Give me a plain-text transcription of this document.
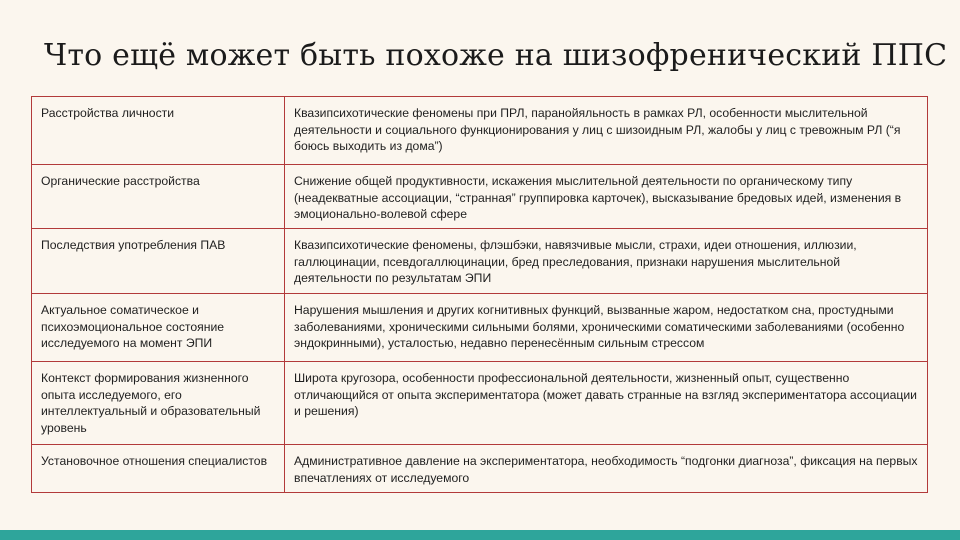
Что ещё может быть похоже на шизофренический ППС
Расстройства личности	Квазипсихотические феномены при ПРЛ, паранойяльность в рамках РЛ, особенности мыслительной деятельности и социального функционирования у лиц с шизоидным РЛ, жалобы у лиц с тревожным РЛ (“я боюсь выходить из дома”)
Органические расстройства	Снижение общей продуктивности, искажения мыслительной деятельности по органическому типу (неадекватные ассоциации, “странная” группировка карточек), высказывание бредовых идей, изменения в эмоционально-волевой сфере
Последствия употребления ПАВ	Квазипсихотические феномены, флэшбэки, навязчивые мысли, страхи, идеи отношения, иллюзии, галлюцинации, псевдогаллюцинации, бред преследования, признаки нарушения мыслительной деятельности по результатам ЭПИ
Актуальное соматическое и психоэмоциональное состояние исследуемого на момент ЭПИ	Нарушения мышления и других когнитивных функций, вызванные жаром, недостатком сна, простудными заболеваниями, хроническими сильными болями, хроническими соматическими заболеваниями (особенно эндокринными), усталостью, недавно перенесённым сильным стрессом
Контекст формирования жизненного опыта исследуемого, его интеллектуальный и образовательный уровень	Широта кругозора, особенности профессиональной деятельности, жизненный опыт, существенно отличающийся от опыта экспериментатора (может давать странные на взгляд экспериментатора ассоциации и решения)
Установочное отношения специалистов	Административное давление на экспериментатора, необходимость “подгонки диагноза”, фиксация на первых впечатлениях от исследуемого
